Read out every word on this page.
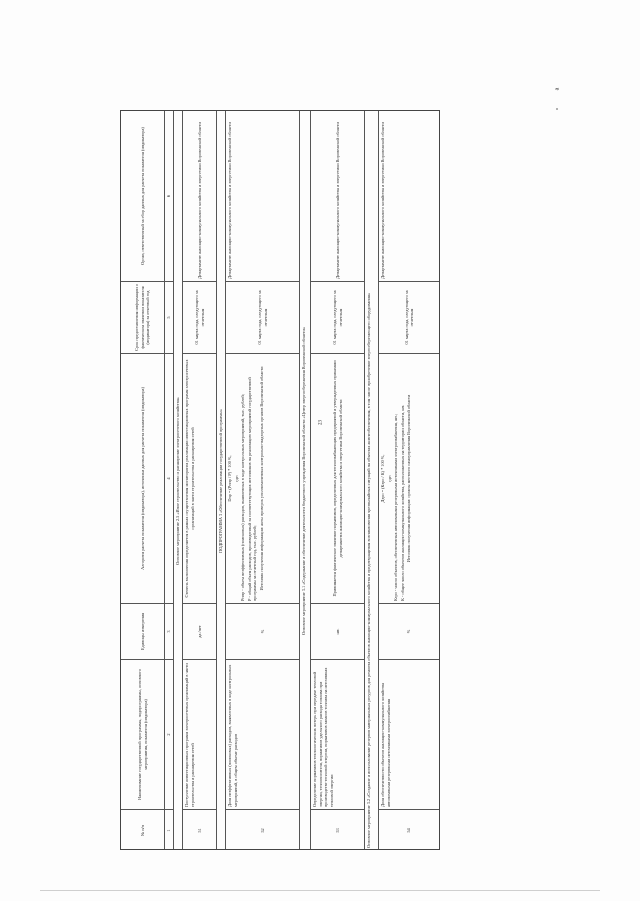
23
а
№ п/п
Наименование государственной программы, подпрограммы, основного мероприятия, показателя (индикатора)
Единицы измерения
Алгоритм расчета показателя (индикатора), источники данных для расчета показателя (индикатора)
Срок предоставления информации о фактическом значении показателя (индикатора) за отчетный год
Орган, ответственный за сбор данных для расчета показателя (индикатора)
1
2
3
4
5
6
Основное мероприятие 2.5 «Иное строительство и расширение электросетевого хозяйства»
51
Поступление инвестиционных программ электросетевых организаций в части строительства и расширения сетей
да /нет
Степень выполнения определяется в рамках осуществления мониторинга реализации инвестиционных программ электросетевых организаций в части строительства и расширения сетей
01 марта года, следующего за отчетным
Департамент жилищно-коммунального хозяйства и энергетики Воронежской области
ПОДПРОГРАММА 3 «Обеспечение реализации государственной программы»
52
Доля неэффективных (поисковых) расходов, выявленных в ходе контрольных мероприятий, в общем объеме расходов
%

Dnp = (Рнпр / Р) * 100 %, где: Рнпр - объем неэффективных (поисковых) расходов, выявленных в ходе контрольных мероприятий, тыс. рублей; Р - общий объем расходов, произведенный за соответствующих источников на реализацию мероприятий государственной программы за отчетный год, тыс. рублей; Источник получения информации: акты проверок уполномоченных контрольно-надзорных органов Воронежской области

01 марта года, следующего за отчетным
Департамент жилищно-коммунального хозяйства и энергетики Воронежской области
Основное мероприятие 3.1 «Содержание и обеспечение деятельности бюджетного учреждения Воронежской области «Центр энергосбережения Воронежской области»
53
Определение нормативов технологических потерь при передаче тепловой энергии, теплоносителя, нормативов удельного расхода топлива при производстве тепловой энергии, нормативов запасов топлива на источниках тепловой энергии
шт.
Принимается фактическое значение нормативов, определенных для теплоснабжающих предприятий и утвержденных приказами департамента жилищно-коммунального хозяйства и энергетики Воронежской области
01 марта года, следующего за отчетным
Департамент жилищно-коммунального хозяйства и энергетики Воронежской области
Основное мероприятие 3.2 «Создание и использование резервов материальных ресурсов для ремонта объектов жилищно-коммунального хозяйства и предотвращения возникновения чрезвычайных ситуаций на объектах жизнеобеспечения, в том числе приобретение энергосберегающего оборудования»	54
Доля обеспеченности объектов жилищно-коммунального хозяйства автономными резервными источниками электроснабжения
%

Дзро = (Кзро / К) * 100 %, где: Кзро - число объектов, обеспеченных автономными резервными источниками электроснабжения, шт.; К - общее число объектов жилищно-коммунального хозяйства, расположенных на территории области, шт. Источник получения информации: органы местного самоуправления Воронежской области

01 марта года, следующего за отчетным
Департамент жилищно-коммунального хозяйства и энергетики Воронежской области
